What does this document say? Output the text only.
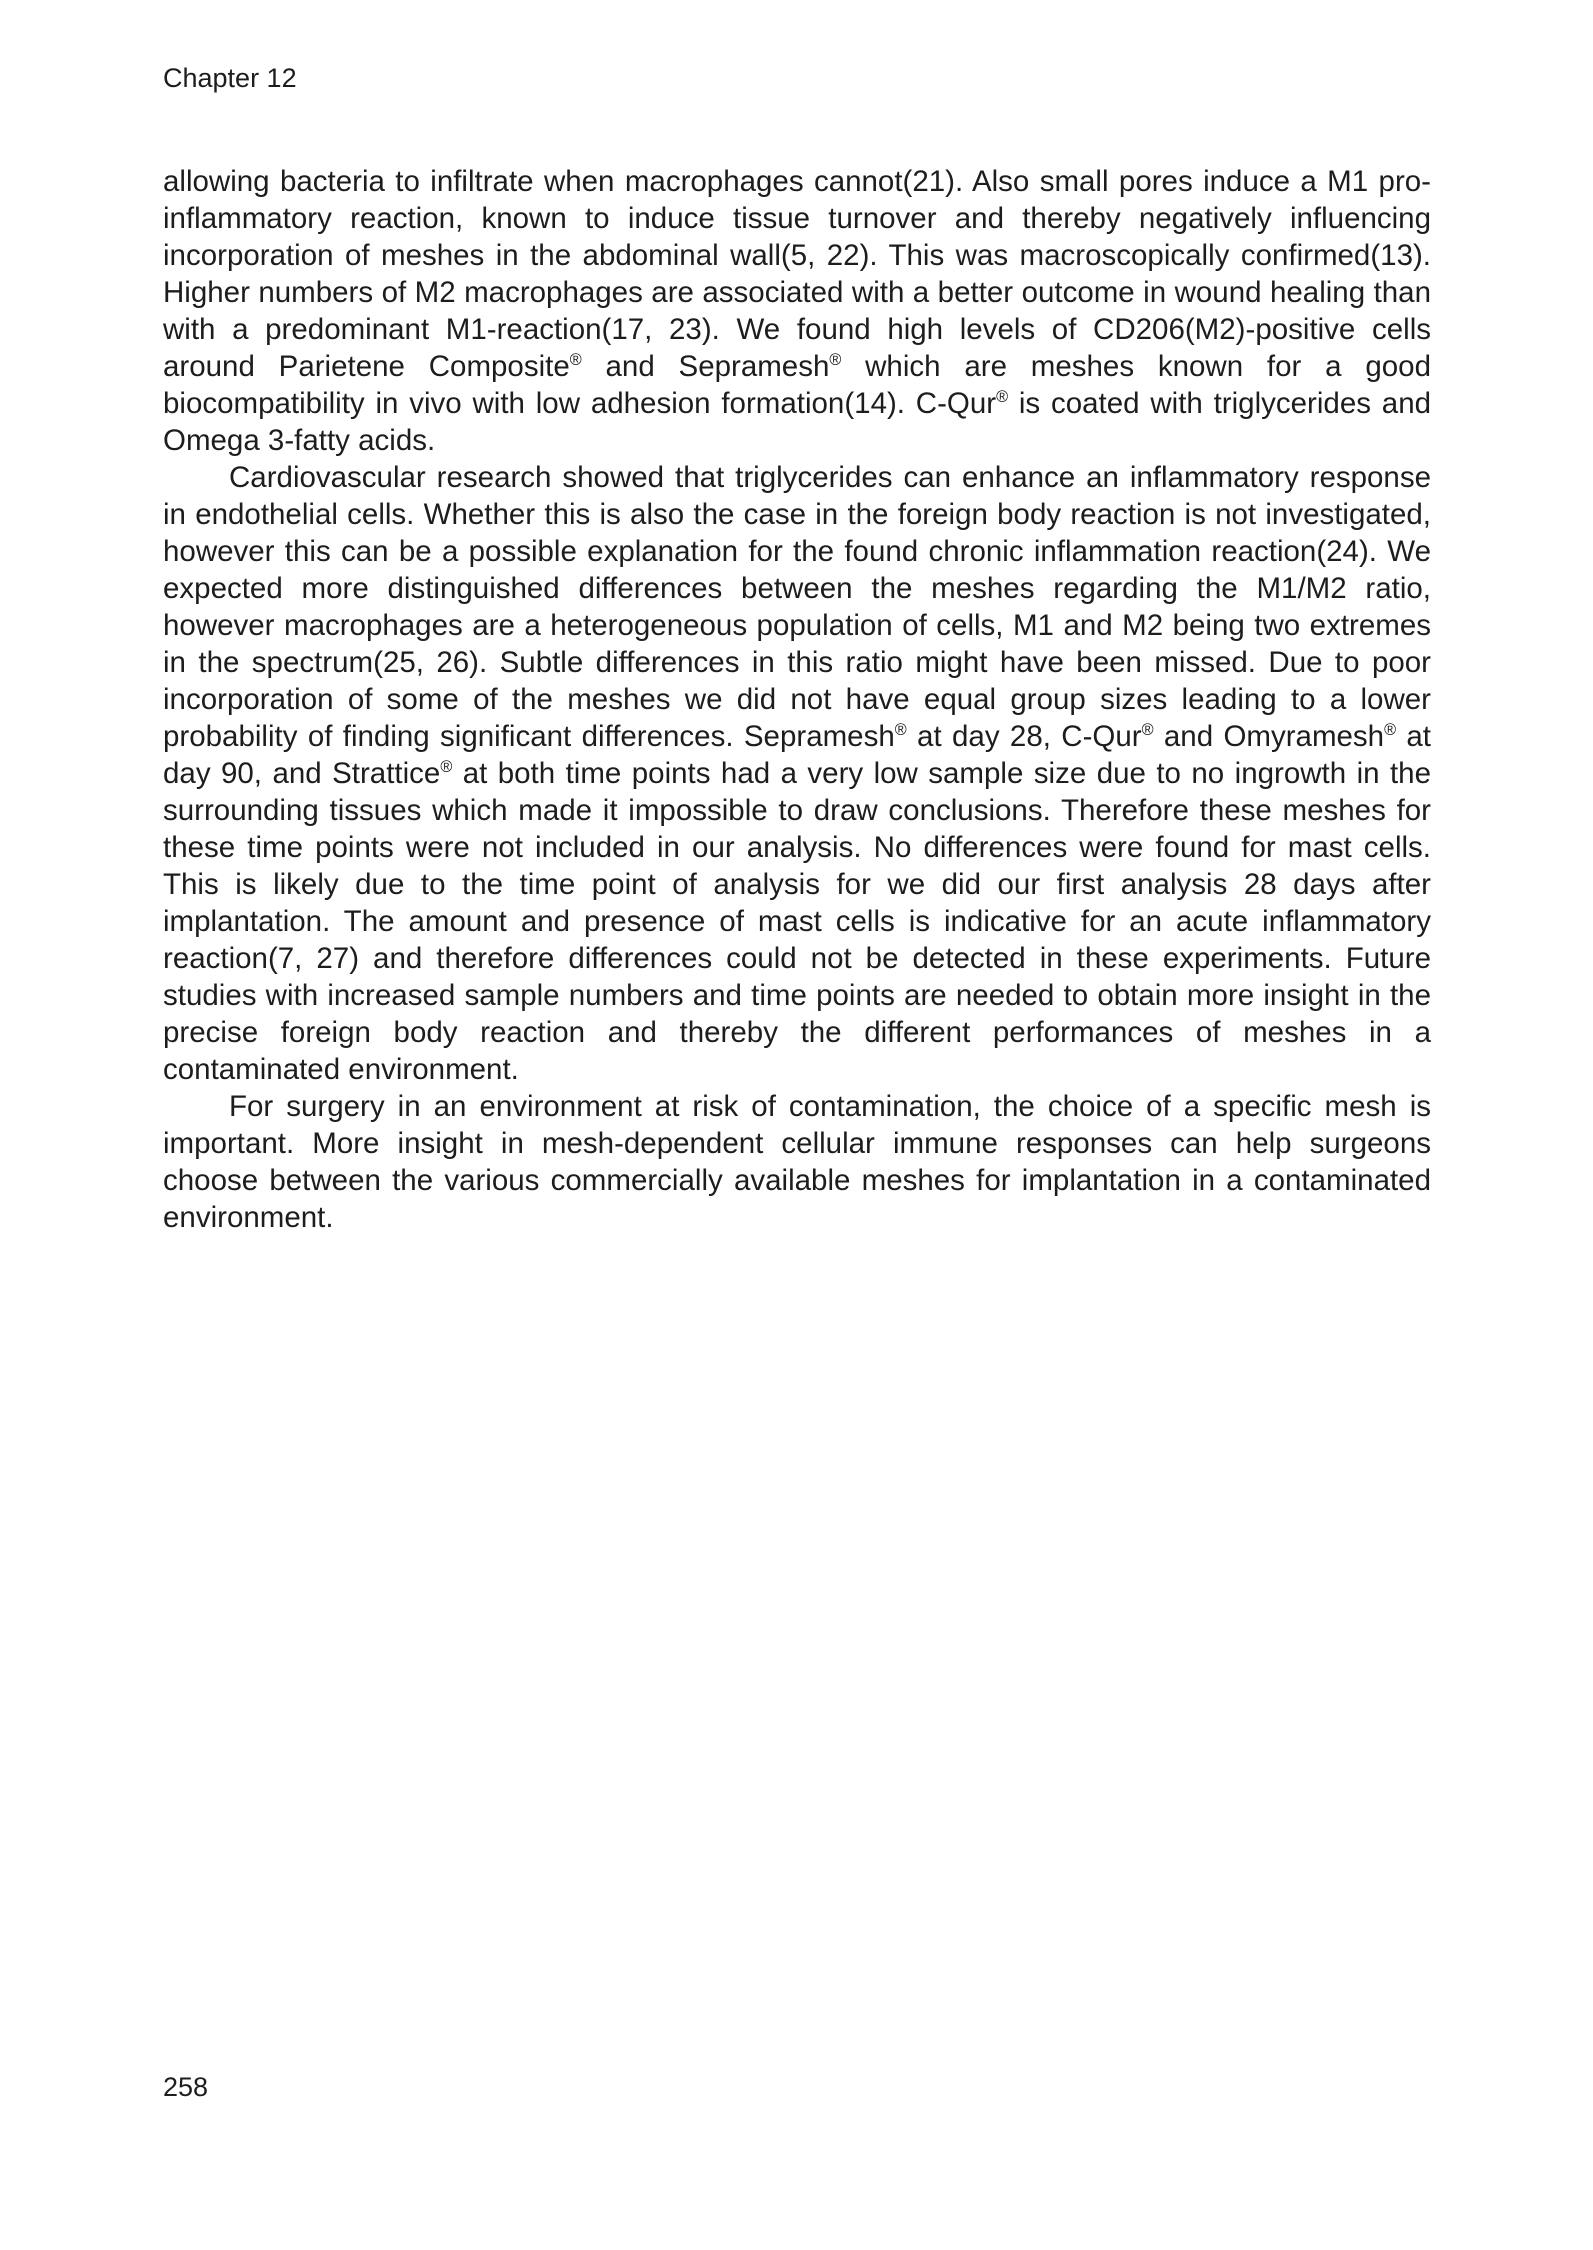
Chapter 12

allowing bacteria to infiltrate when macrophages cannot(21). Also small pores induce a M1 pro-inflammatory reaction, known to induce tissue turnover and thereby negatively influencing incorporation of meshes in the abdominal wall(5, 22). This was macroscopically confirmed(13). Higher numbers of M2 macrophages are associated with a better outcome in wound healing than with a predominant M1-reaction(17, 23). We found high levels of CD206(M2)-positive cells around Parietene Composite® and Sepramesh® which are meshes known for a good biocompatibility in vivo with low adhesion formation(14). C-Qur® is coated with triglycerides and Omega 3-fatty acids.

Cardiovascular research showed that triglycerides can enhance an inflammatory response in endothelial cells. Whether this is also the case in the foreign body reaction is not investigated, however this can be a possible explanation for the found chronic inflammation reaction(24). We expected more distinguished differences between the meshes regarding the M1/M2 ratio, however macrophages are a heterogeneous population of cells, M1 and M2 being two extremes in the spectrum(25, 26). Subtle differences in this ratio might have been missed. Due to poor incorporation of some of the meshes we did not have equal group sizes leading to a lower probability of finding significant differences. Sepramesh® at day 28, C-Qur® and Omyramesh® at day 90, and Strattice® at both time points had a very low sample size due to no ingrowth in the surrounding tissues which made it impossible to draw conclusions. Therefore these meshes for these time points were not included in our analysis. No differences were found for mast cells. This is likely due to the time point of analysis for we did our first analysis 28 days after implantation. The amount and presence of mast cells is indicative for an acute inflammatory reaction(7, 27) and therefore differences could not be detected in these experiments. Future studies with increased sample numbers and time points are needed to obtain more insight in the precise foreign body reaction and thereby the different performances of meshes in a contaminated environment.

For surgery in an environment at risk of contamination, the choice of a specific mesh is important. More insight in mesh-dependent cellular immune responses can help surgeons choose between the various commercially available meshes for implantation in a contaminated environment.

258
